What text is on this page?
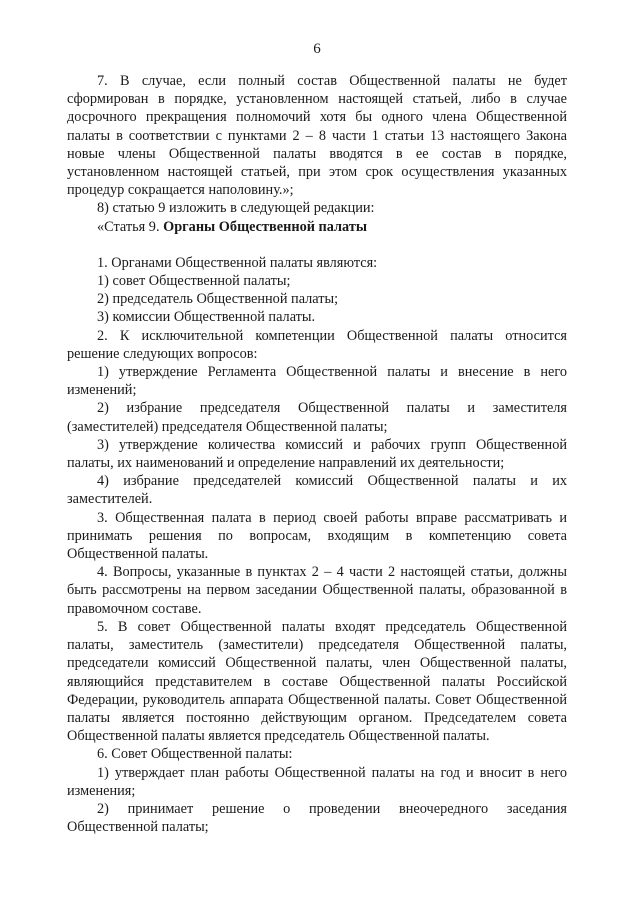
6

7. В случае, если полный состав Общественной палаты не будет сформирован в порядке, установленном настоящей статьей, либо в случае досрочного прекращения полномочий хотя бы одного члена Общественной палаты в соответствии с пунктами 2 – 8 части 1 статьи 13 настоящего Закона новые члены Общественной палаты вводятся в ее состав в порядке, установленном настоящей статьей, при этом срок осуществления указанных процедур сокращается наполовину.»;

8) статью 9 изложить в следующей редакции:

«Статья 9. Органы Общественной палаты

1. Органами Общественной палаты являются:

1) совет Общественной палаты;

2) председатель Общественной палаты;

3) комиссии Общественной палаты.

2. К исключительной компетенции Общественной палаты относится решение следующих вопросов:

1) утверждение Регламента Общественной палаты и внесение в него изменений;

2) избрание председателя Общественной палаты и заместителя (заместителей) председателя Общественной палаты;

3) утверждение количества комиссий и рабочих групп Общественной палаты, их наименований и определение направлений их деятельности;

4) избрание председателей комиссий Общественной палаты и их заместителей.

3. Общественная палата в период своей работы вправе рассматривать и принимать решения по вопросам, входящим в компетенцию совета Общественной палаты.

4. Вопросы, указанные в пунктах 2 – 4 части 2 настоящей статьи, должны быть рассмотрены на первом заседании Общественной палаты, образованной в правомочном составе.

5. В совет Общественной палаты входят председатель Общественной палаты, заместитель (заместители) председателя Общественной палаты, председатели комиссий Общественной палаты, член Общественной палаты, являющийся представителем в составе Общественной палаты Российской Федерации, руководитель аппарата Общественной палаты. Совет Общественной палаты является постоянно действующим органом. Председателем совета Общественной палаты является председатель Общественной палаты.

6. Совет Общественной палаты:

1) утверждает план работы Общественной палаты на год и вносит в него изменения;

2) принимает решение о проведении внеочередного заседания Общественной палаты;
